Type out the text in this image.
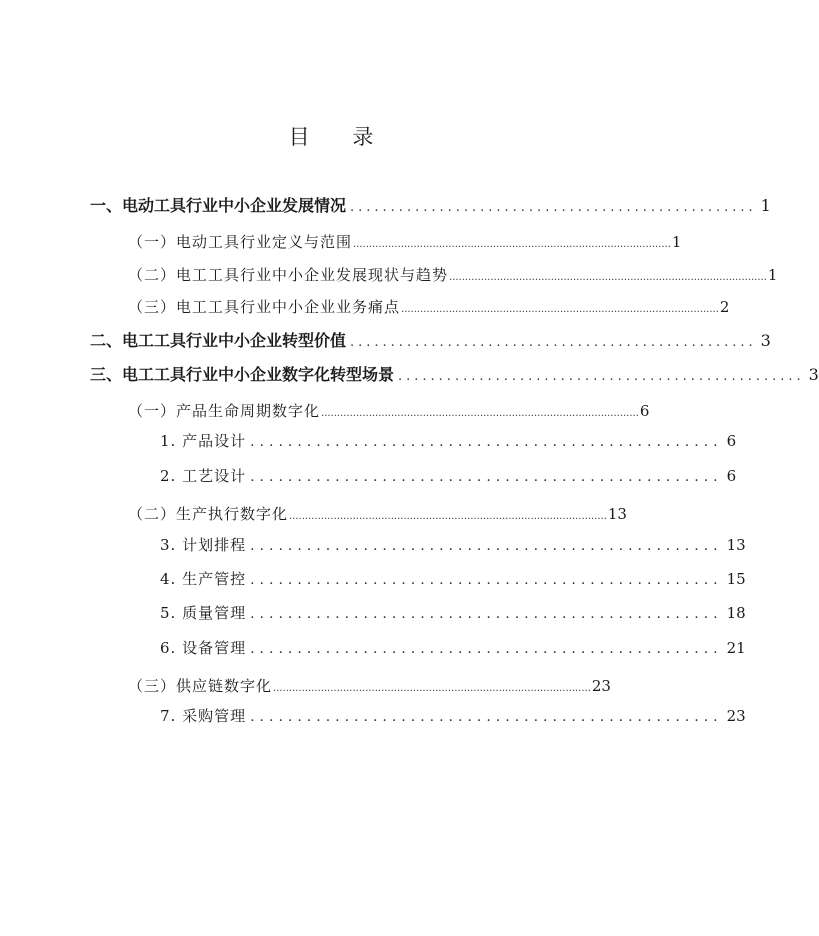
目 录
一、电动工具行业中小企业发展情况 .................................................. 1
（一）电动工具行业定义与范围 .................................................................................................... 1
（二）电工工具行业中小企业发展现状与趋势 .................................................................................................... 1
（三）电工工具行业中小企业业务痛点 .................................................................................................... 2
二、电工工具行业中小企业转型价值 .................................................. 3
三、电工工具行业中小企业数字化转型场景 .................................................. 3
（一）产品生命周期数字化 .................................................................................................... 6
1. 产品设计 .................................................. 6
2. 工艺设计 .................................................. 6
（二）生产执行数字化 .................................................................................................... 13
3. 计划排程 .................................................. 13
4. 生产管控 .................................................. 15
5. 质量管理 .................................................. 18
6. 设备管理 .................................................. 21
（三）供应链数字化 .................................................................................................... 23
7. 采购管理 .................................................. 23
